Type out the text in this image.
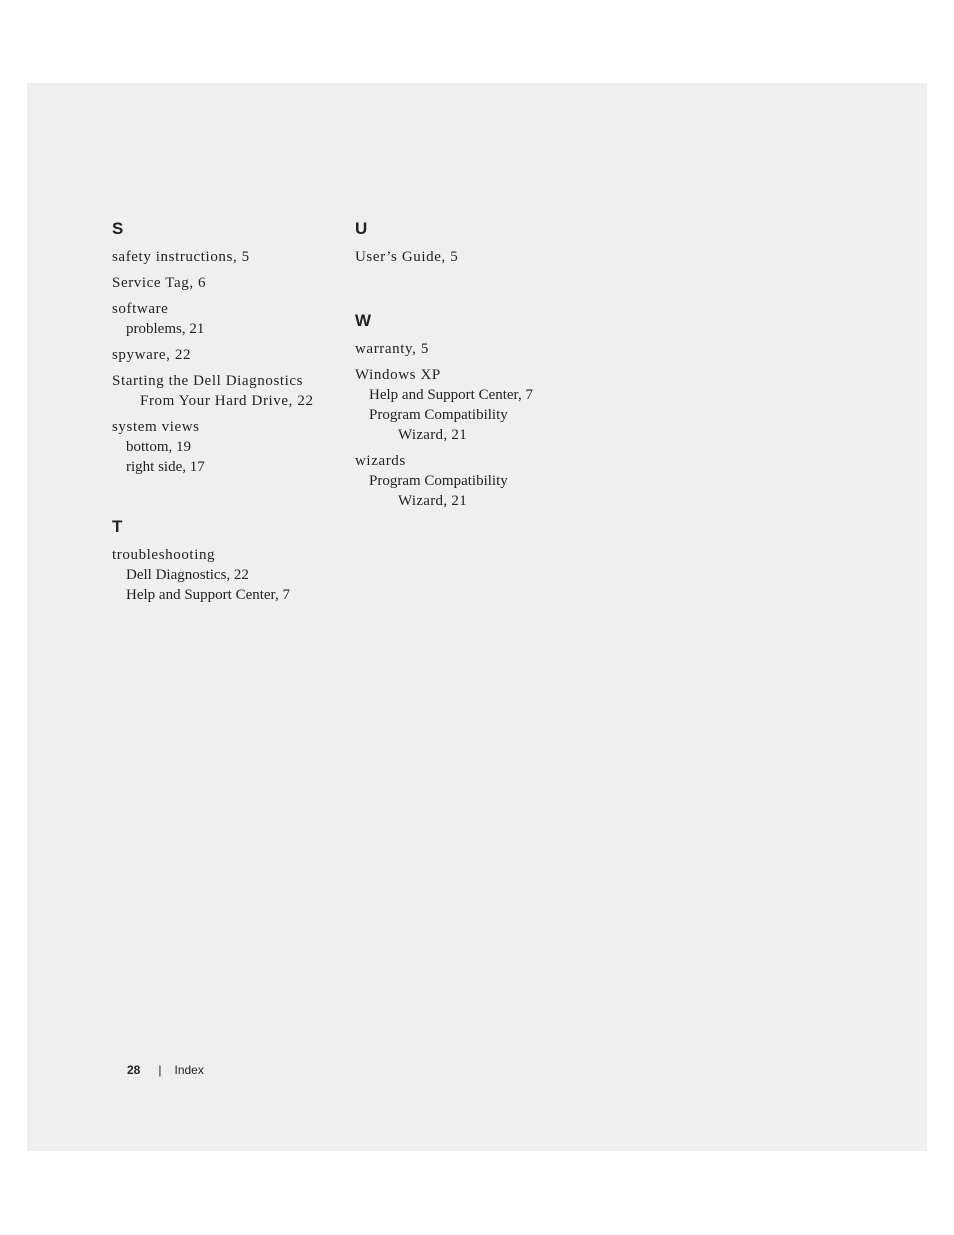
S
safety instructions, 5
Service Tag, 6
software
problems, 21
spyware, 22
Starting the Dell Diagnostics
From Your Hard Drive, 22
system views
bottom, 19
right side, 17
T
troubleshooting
Dell Diagnostics, 22
Help and Support Center, 7
U
User’s Guide, 5
W
warranty, 5
Windows XP
Help and Support Center, 7
Program Compatibility
Wizard, 21
wizards
Program Compatibility
Wizard, 21
28 | Index
